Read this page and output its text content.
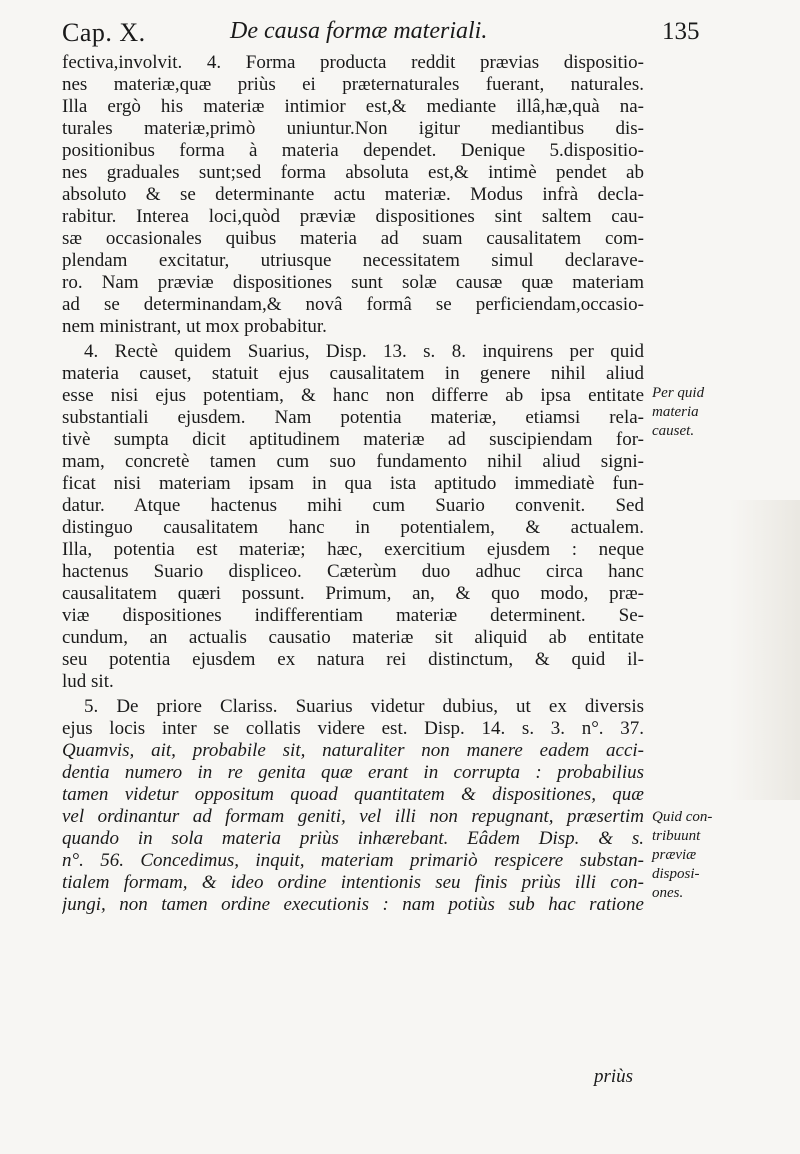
Cap. X.	De causa formæ materiali.	135
fectiva,involvit. 4. Forma producta reddit prævias dispositio-
nes materiæ,quæ priùs ei præternaturales fuerant, naturales.
Illa ergò his materiæ intimior est,& mediante illâ,hæ,quà na-
turales materiæ,primò uniuntur.Non igitur mediantibus dis-
positionibus forma à materia dependet. Denique 5.dispositio-
nes graduales sunt;sed forma absoluta est,& intimè pendet ab
absoluto & se determinante actu materiæ. Modus infrà decla-
rabitur. Interea loci,quòd præviæ dispositiones sint saltem cau-
sæ occasionales quibus materia ad suam causalitatem com-
plendam excitatur, utriusque necessitatem simul declarave-
ro. Nam præviæ dispositiones sunt solæ causæ quæ materiam
ad se determinandam,& novâ formâ se perficiendam,occasio-
nem ministrant, ut mox probabitur.
4. Rectè quidem Suarius, Disp. 13. s. 8. inquirens per quid
materia causet, statuit ejus causalitatem in genere nihil aliud
esse nisi ejus potentiam, & hanc non differre ab ipsa entitate
substantiali ejusdem. Nam potentia materiæ, etiamsi rela-
tivè sumpta dicit aptitudinem materiæ ad suscipiendam for-
mam, concretè tamen cum suo fundamento nihil aliud signi-
ficat nisi materiam ipsam in qua ista aptitudo immediatè fun-
datur. Atque hactenus mihi cum Suario convenit. Sed
distinguo causalitatem hanc in potentialem, & actualem.
Illa, potentia est materiæ; hæc, exercitium ejusdem : neque
hactenus Suario displiceo. Cæterùm duo adhuc circa hanc
causalitatem quæri possunt. Primum, an, & quo modo, præ-
viæ dispositiones indifferentiam materiæ determinent. Se-
cundum, an actualis causatio materiæ sit aliquid ab entitate
seu potentia ejusdem ex natura rei distinctum, & quid il-
lud sit.
5. De priore Clariss. Suarius videtur dubius, ut ex diversis
ejus locis inter se collatis videre est. Disp. 14. s. 3. n°. 37.
Quamvis, ait, probabile sit, naturaliter non manere eadem acci-
dentia numero in re genita quæ erant in corrupta : probabilius
tamen videtur oppositum quoad quantitatem & dispositiones, quæ
vel ordinantur ad formam geniti, vel illi non repugnant, præsertim
quando in sola materia priùs inhærebant. Eâdem Disp. & s.
n°. 56. Concedimus, inquit, materiam primariò respicere substan-
tialem formam, & ideo ordine intentionis seu finis priùs illi con-
jungi, non tamen ordine executionis : nam potiùs sub hac ratione
Per quid
materia
causet.
Quid con-
tribuunt
præviæ
disposi-
ones.
priùs
